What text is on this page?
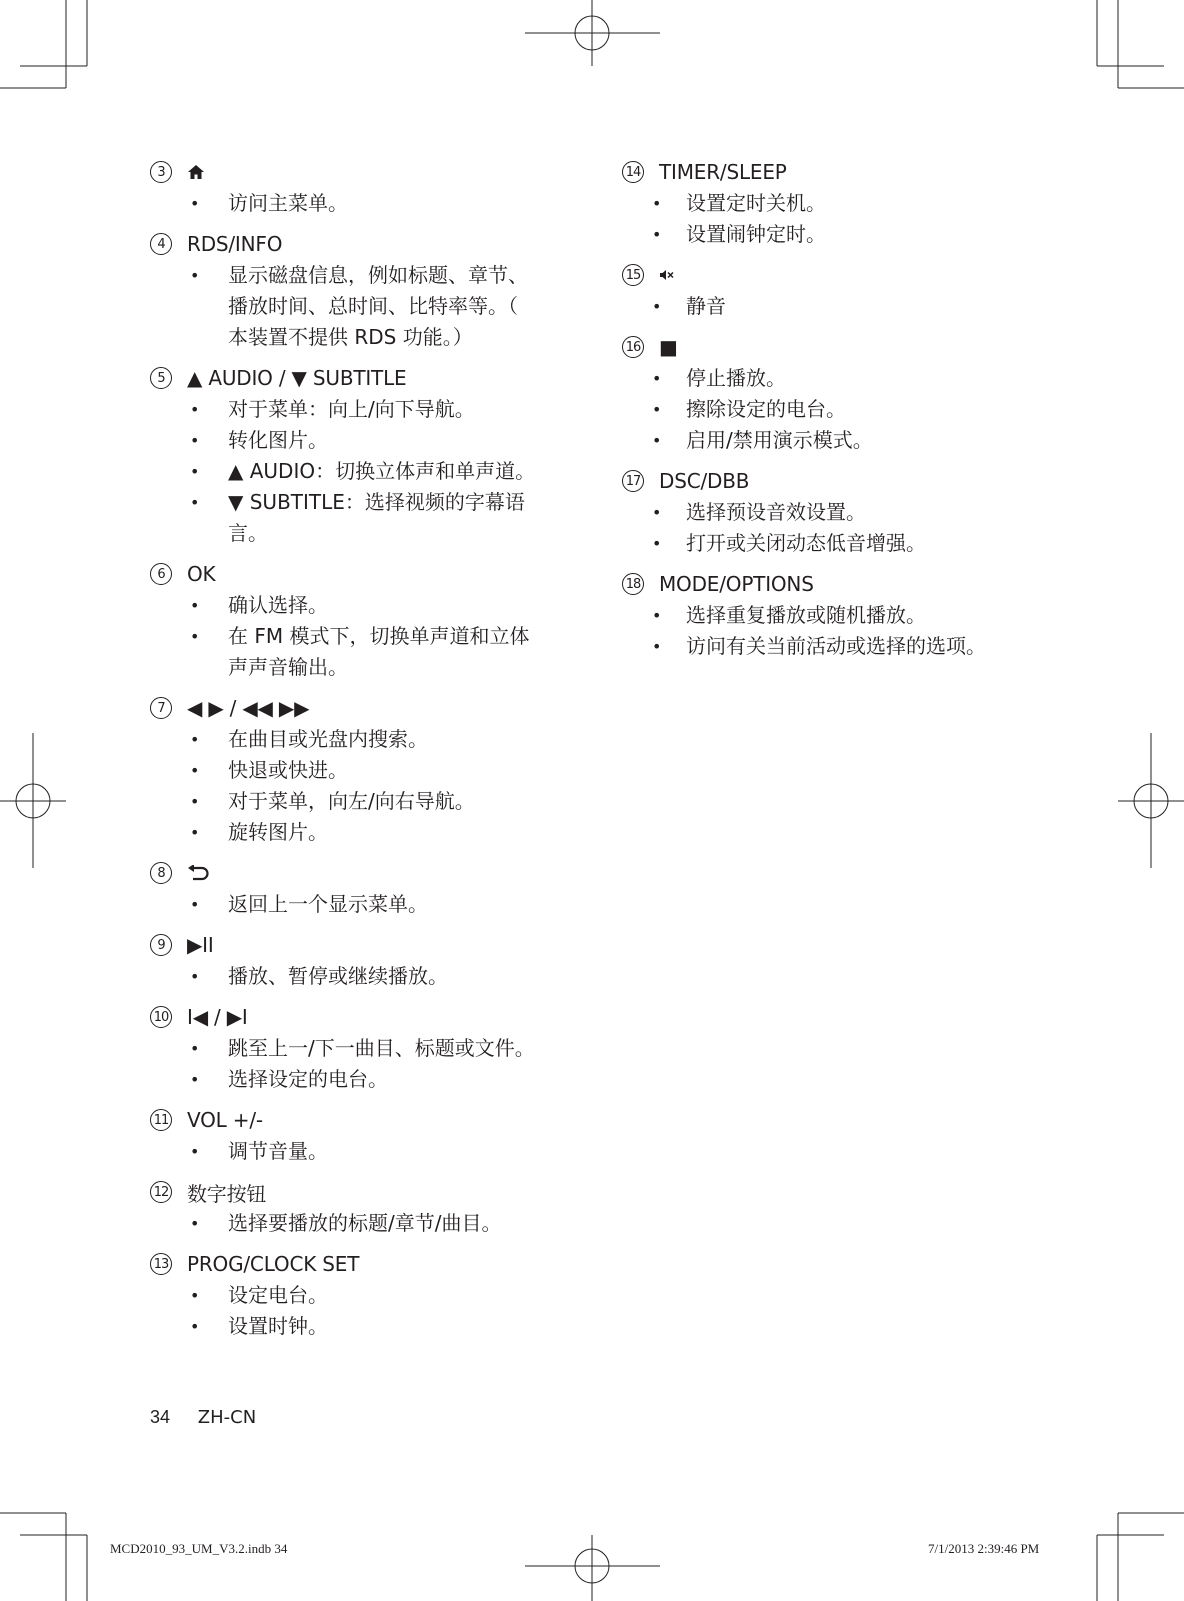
3
• 访问主菜单。
4	RDS/INFO
• 显示磁盘信息，例如标题、章节、
播放时间、总时间、比特率等。（
本装置不提供 RDS 功能。）
5	▲ AUDIO / ▼ SUBTITLE
• 对于菜单：向上/向下导航。
• 转化图片。
• ▲ AUDIO：切换立体声和单声道。
• ▼ SUBTITLE：选择视频的字幕语
言。
6	OK
• 确认选择。
• 在 FM 模式下，切换单声道和立体
声声音输出。
7	◀ ▶ / ◀◀ ▶▶
• 在曲目或光盘内搜索。
• 快退或快进。
• 对于菜单，向左/向右导航。
• 旋转图片。
8
• 返回上一个显示菜单。
9	▶II
• 播放、暂停或继续播放。
10 I◀ / ▶I
• 跳至上一/下一曲目、标题或文件。
• 选择设定的电台。
11 VOL +/-
• 调节音量。
12 数字按钮
• 选择要播放的标题/章节/曲目。
13 PROG/CLOCK SET
• 设定电台。
• 设置时钟。
14 TIMER/SLEEP
• 设置定时关机。
• 设置闹钟定时。
15
• 静音
16 ■
• 停止播放。
• 擦除设定的电台。
• 启用/禁用演示模式。
17 DSC/DBB
• 选择预设音效设置。
• 打开或关闭动态低音增强。
18 MODE/OPTIONS
• 选择重复播放或随机播放。
• 访问有关当前活动或选择的选项。
34 ZH-CN
MCD2010_93_UM_V3.2.indb 34	7/1/2013 2:39:46 PM
